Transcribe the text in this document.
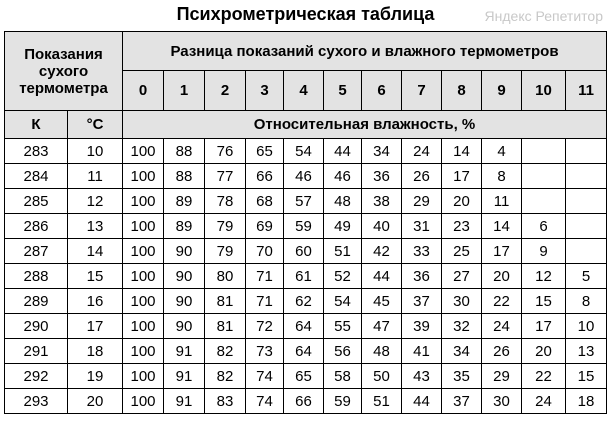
Психрометрическая таблица	Яндекс Репетитор
Показания сухого термометра		Разница показаний сухого и влажного термометров											
		0	1	2	3	4	5	6	7	8	9	10	11
К	°С	Относительная влажность, %											
283	10	100	88	76	65	54	44	34	24	14	4		
284	11	100	88	77	66	46	46	36	26	17	8		
285	12	100	89	78	68	57	48	38	29	20	11		
286	13	100	89	79	69	59	49	40	31	23	14	6	
287	14	100	90	79	70	60	51	42	33	25	17	9	
288	15	100	90	80	71	61	52	44	36	27	20	12	5
289	16	100	90	81	71	62	54	45	37	30	22	15	8
290	17	100	90	81	72	64	55	47	39	32	24	17	10
291	18	100	91	82	73	64	56	48	41	34	26	20	13
292	19	100	91	82	74	65	58	50	43	35	29	22	15
293	20	100	91	83	74	66	59	51	44	37	30	24	18
